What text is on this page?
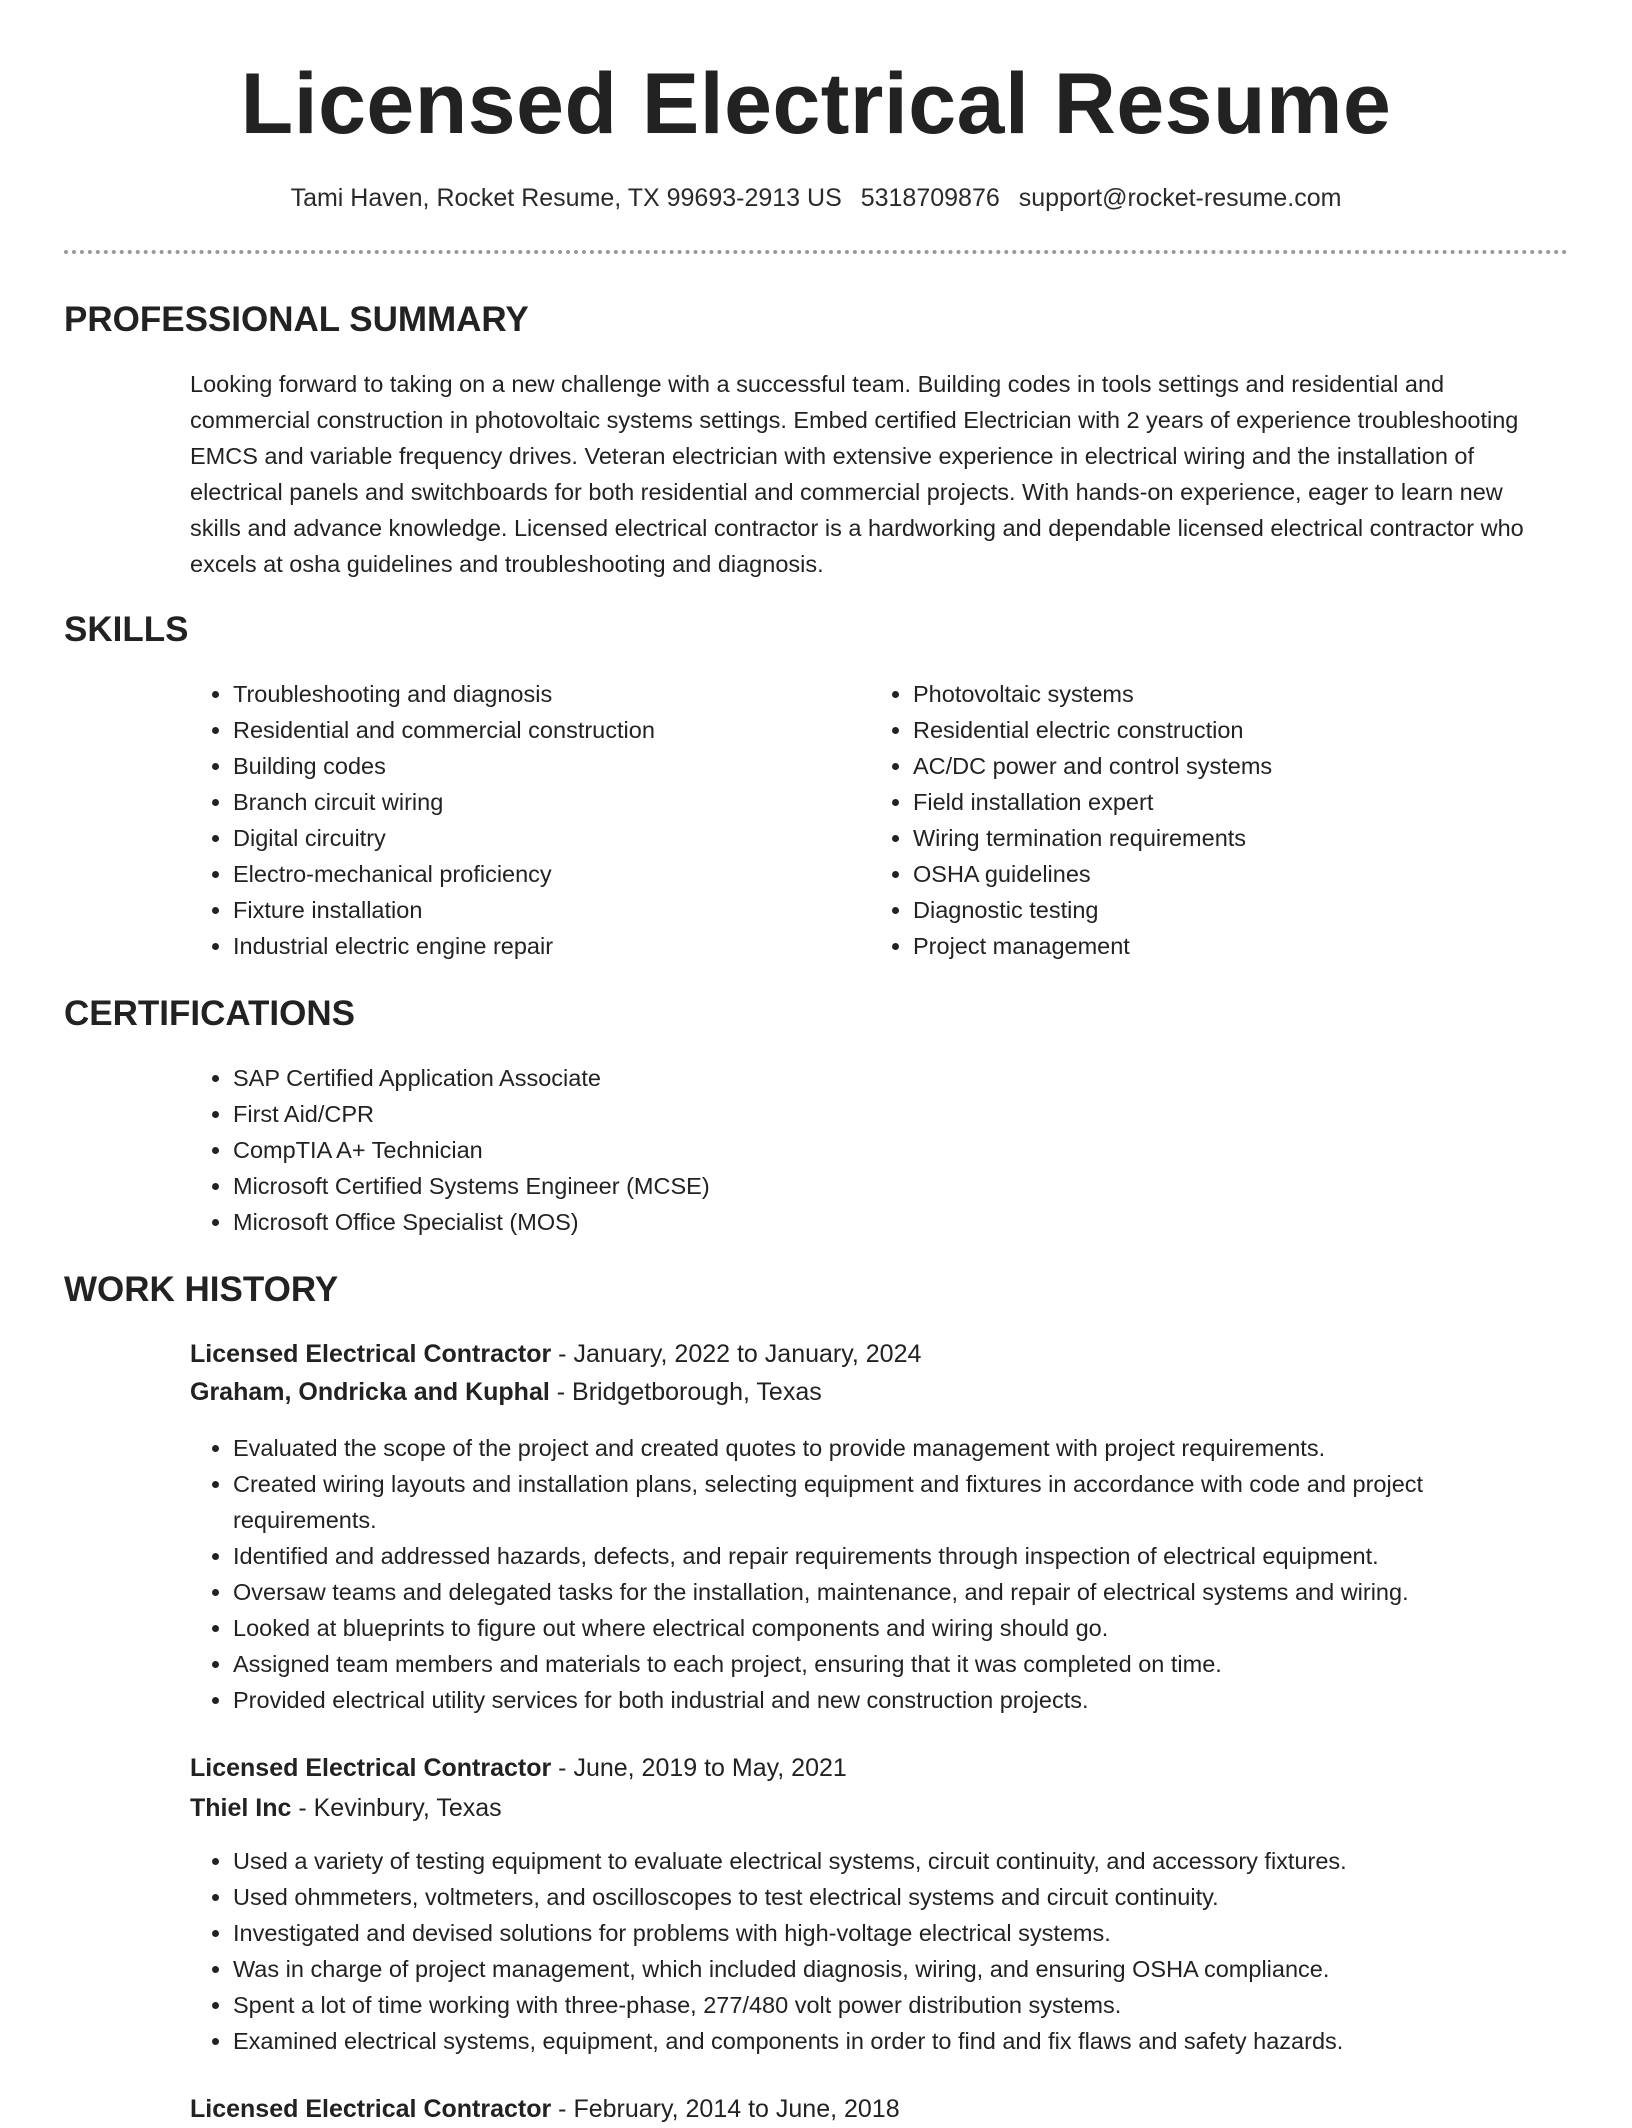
Licensed Electrical Resume
Tami Haven, Rocket Resume, TX 99693-2913 US 5318709876 support@rocket-resume.com
PROFESSIONAL SUMMARY

Looking forward to taking on a new challenge with a successful team. Building codes in tools settings and residential and commercial construction in photovoltaic systems settings. Embed certified Electrician with 2 years of experience troubleshooting EMCS and variable frequency drives. Veteran electrician with extensive experience in electrical wiring and the installation of electrical panels and switchboards for both residential and commercial projects. With hands-on experience, eager to learn new skills and advance knowledge. Licensed electrical contractor is a hardworking and dependable licensed electrical contractor who excels at osha guidelines and troubleshooting and diagnosis.

SKILLS
• Troubleshooting and diagnosis
• Residential and commercial construction
• Building codes
• Branch circuit wiring
• Digital circuitry
• Electro-mechanical proficiency
• Fixture installation
• Industrial electric engine repair
• Photovoltaic systems
• Residential electric construction
• AC/DC power and control systems
• Field installation expert
• Wiring termination requirements
• OSHA guidelines
• Diagnostic testing
• Project management
CERTIFICATIONS
• SAP Certified Application Associate
• First Aid/CPR
• CompTIA A+ Technician
• Microsoft Certified Systems Engineer (MCSE)
• Microsoft Office Specialist (MOS)
WORK HISTORY
Licensed Electrical Contractor - January, 2022 to January, 2024
Graham, Ondricka and Kuphal - Bridgetborough, Texas
• Evaluated the scope of the project and created quotes to provide management with project requirements.
• Created wiring layouts and installation plans, selecting equipment and fixtures in accordance with code and project requirements.
• Identified and addressed hazards, defects, and repair requirements through inspection of electrical equipment.
• Oversaw teams and delegated tasks for the installation, maintenance, and repair of electrical systems and wiring.
• Looked at blueprints to figure out where electrical components and wiring should go.
• Assigned team members and materials to each project, ensuring that it was completed on time.
• Provided electrical utility services for both industrial and new construction projects.
Licensed Electrical Contractor - June, 2019 to May, 2021
Thiel Inc - Kevinbury, Texas
• Used a variety of testing equipment to evaluate electrical systems, circuit continuity, and accessory fixtures.
• Used ohmmeters, voltmeters, and oscilloscopes to test electrical systems and circuit continuity.
• Investigated and devised solutions for problems with high-voltage electrical systems.
• Was in charge of project management, which included diagnosis, wiring, and ensuring OSHA compliance.
• Spent a lot of time working with three-phase, 277/480 volt power distribution systems.
• Examined electrical systems, equipment, and components in order to find and fix flaws and safety hazards.
Licensed Electrical Contractor - February, 2014 to June, 2018
